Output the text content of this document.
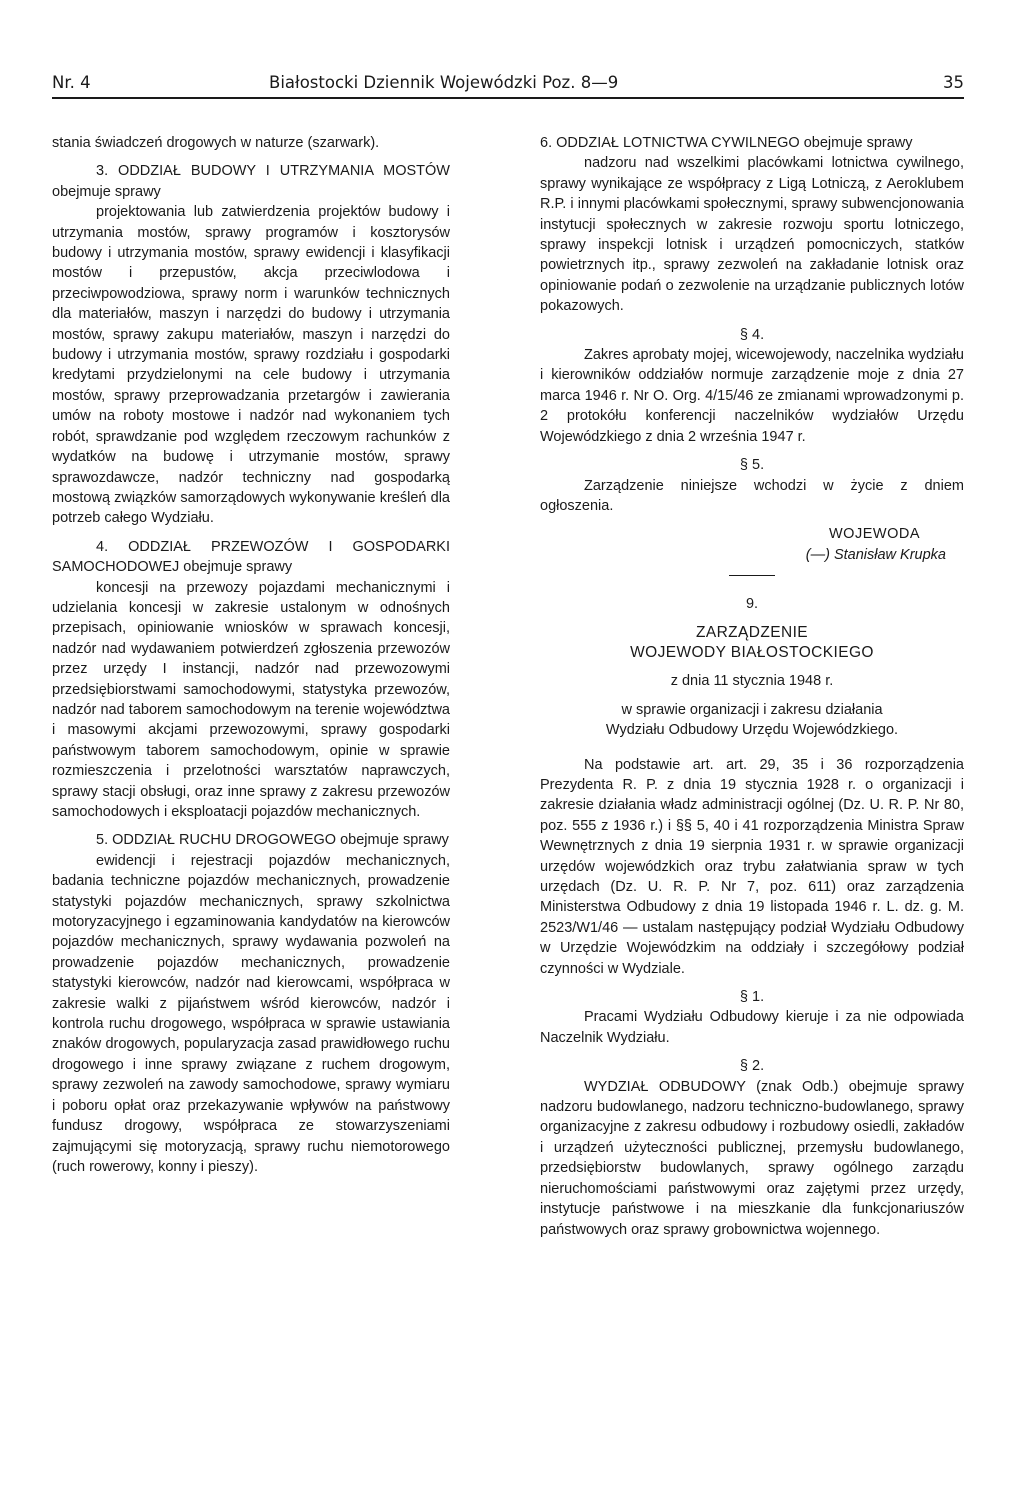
Nr. 4	Białostocki Dziennik Wojewódzki Poz. 8—9	35

stania świadczeń drogowych w naturze (szarwark).

3. ODDZIAŁ BUDOWY I UTRZYMANIA MOSTÓW obejmuje sprawy

projektowania lub zatwierdzenia projektów budowy i utrzymania mostów, sprawy programów i kosztorysów budowy i utrzymania mostów, sprawy ewidencji i klasyfikacji mostów i przepustów, akcja przeciwlodowa i przeciwpowodziowa, sprawy norm i warunków technicznych dla materiałów, maszyn i narzędzi do budowy i utrzymania mostów, sprawy zakupu materiałów, maszyn i narzędzi do budowy i utrzymania mostów, sprawy rozdziału i gospodarki kredytami przydzielonymi na cele budowy i utrzymania mostów, sprawy przeprowadzania przetargów i zawierania umów na roboty mostowe i nadzór nad wykonaniem tych robót, sprawdzanie pod względem rzeczowym rachunków z wydatków na budowę i utrzymanie mostów, sprawy sprawozdawcze, nadzór techniczny nad gospodarką mostową związków samorządowych wykonywanie kreśleń dla potrzeb całego Wydziału.

4. ODDZIAŁ PRZEWOZÓW I GOSPODARKI SAMOCHODOWEJ obejmuje sprawy

koncesji na przewozy pojazdami mechanicznymi i udzielania koncesji w zakresie ustalonym w odnośnych przepisach, opiniowanie wniosków w sprawach koncesji, nadzór nad wydawaniem potwierdzeń zgłoszenia przewozów przez urzędy I instancji, nadzór nad przewozowymi przedsiębiorstwami samochodowymi, statystyka przewozów, nadzór nad taborem samochodowym na terenie województwa i masowymi akcjami przewozowymi, sprawy gospodarki państwowym taborem samochodowym, opinie w sprawie rozmieszczenia i przelotności warsztatów naprawczych, sprawy stacji obsługi, oraz inne sprawy z zakresu przewozów samochodowych i eksploatacji pojazdów mechanicznych.

5. ODDZIAŁ RUCHU DROGOWEGO obejmuje sprawy

ewidencji i rejestracji pojazdów mechanicznych, badania techniczne pojazdów mechanicznych, prowadzenie statystyki pojazdów mechanicznych, sprawy szkolnictwa motoryzacyjnego i egzaminowania kandydatów na kierowców pojazdów mechanicznych, sprawy wydawania pozwoleń na prowadzenie pojazdów mechanicznych, prowadzenie statystyki kierowców, nadzór nad kierowcami, współpraca w zakresie walki z pijaństwem wśród kierowców, nadzór i kontrola ruchu drogowego, współpraca w sprawie ustawiania znaków drogowych, popularyzacja zasad prawidłowego ruchu drogowego i inne sprawy związane z ruchem drogowym, sprawy zezwoleń na zawody samochodowe, sprawy wymiaru i poboru opłat oraz przekazywanie wpływów na państwowy fundusz drogowy, współpraca ze stowarzyszeniami zajmującymi się motoryzacją, sprawy ruchu niemotorowego (ruch rowerowy, konny i pieszy).

6. ODDZIAŁ LOTNICTWA CYWILNEGO obejmuje sprawy

nadzoru nad wszelkimi placówkami lotnictwa cywilnego, sprawy wynikające ze współpracy z Ligą Lotniczą, z Aeroklubem R.P. i innymi placówkami społecznymi, sprawy subwencjonowania instytucji społecznych w zakresie rozwoju sportu lotniczego, sprawy inspekcji lotnisk i urządzeń pomocniczych, statków powietrznych itp., sprawy zezwoleń na zakładanie lotnisk oraz opiniowanie podań o zezwolenie na urządzanie publicznych lotów pokazowych.

§ 4.

Zakres aprobaty mojej, wicewojewody, naczelnika wydziału i kierowników oddziałów normuje zarządzenie moje z dnia 27 marca 1946 r. Nr O. Org. 4/15/46 ze zmianami wprowadzonymi p. 2 protokółu konferencji naczelników wydziałów Urzędu Wojewódzkiego z dnia 2 września 1947 r.

§ 5.

Zarządzenie niniejsze wchodzi w życie z dniem ogłoszenia.

WOJEWODA

(—) Stanisław Krupka

9.

ZARZĄDZENIE

WOJEWODY BIAŁOSTOCKIEGO

z dnia 11 stycznia 1948 r.

w sprawie organizacji i zakresu działania

Wydziału Odbudowy Urzędu Wojewódzkiego.

Na podstawie art. art. 29, 35 i 36 rozporządzenia Prezydenta R. P. z dnia 19 stycznia 1928 r. o organizacji i zakresie działania władz administracji ogólnej (Dz. U. R. P. Nr 80, poz. 555 z 1936 r.) i §§ 5, 40 i 41 rozporządzenia Ministra Spraw Wewnętrznych z dnia 19 sierpnia 1931 r. w sprawie organizacji urzędów wojewódzkich oraz trybu załatwiania spraw w tych urzędach (Dz. U. R. P. Nr 7, poz. 611) oraz zarządzenia Ministerstwa Odbudowy z dnia 19 listopada 1946 r. L. dz. g. M. 2523/W1/46 — ustalam następujący podział Wydziału Odbudowy w Urzędzie Wojewódzkim na oddziały i szczegółowy podział czynności w Wydziale.

§ 1.

Pracami Wydziału Odbudowy kieruje i za nie odpowiada Naczelnik Wydziału.

§ 2.

WYDZIAŁ ODBUDOWY (znak Odb.) obejmuje sprawy nadzoru budowlanego, nadzoru techniczno-budowlanego, sprawy organizacyjne z zakresu odbudowy i rozbudowy osiedli, zakładów i urządzeń użyteczności publicznej, przemysłu budowlanego, przedsiębiorstw budowlanych, sprawy ogólnego zarządu nieruchomościami państwowymi oraz zajętymi przez urzędy, instytucje państwowe i na mieszkanie dla funkcjonariuszów państwowych oraz sprawy grobownictwa wojennego.
